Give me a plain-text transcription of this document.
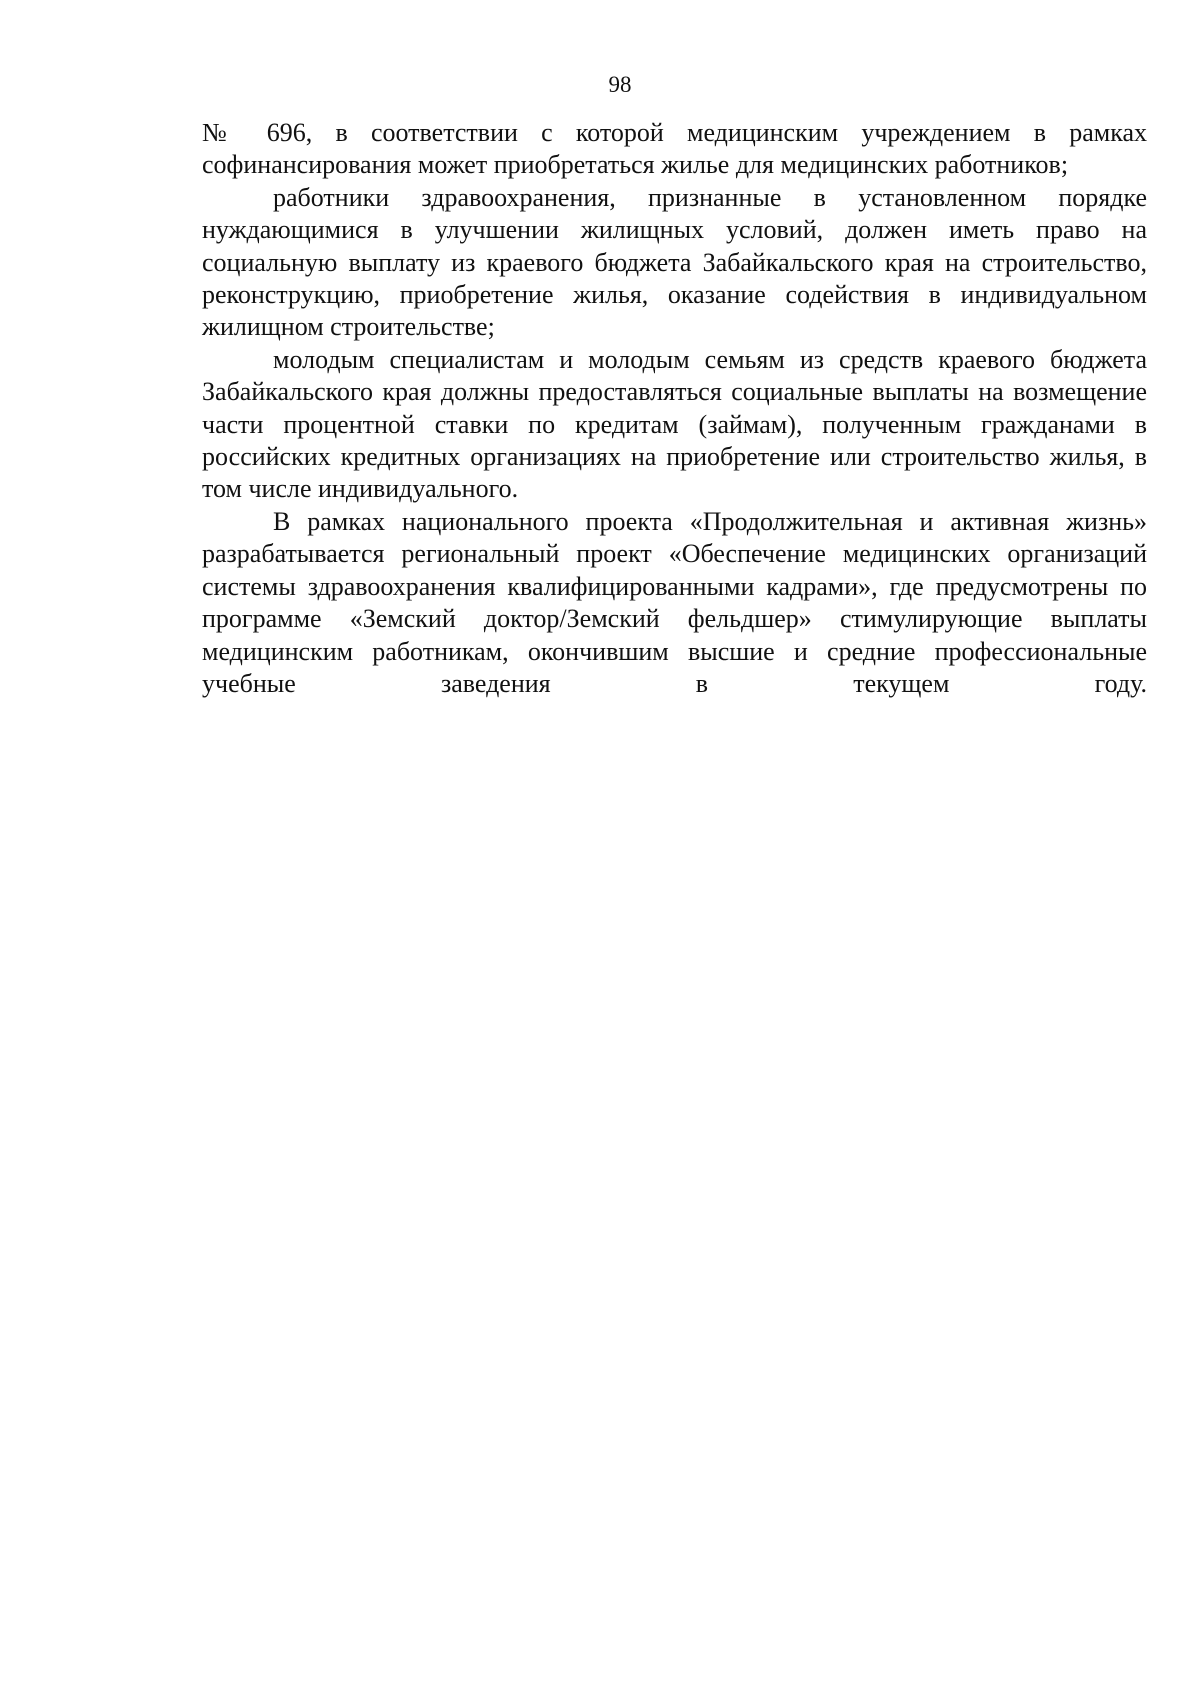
98

№ 696, в соответствии с которой медицинским учреждением в рамках софинансирования может приобретаться жилье для медицинских работников;

работники здравоохранения, признанные в установленном порядке нуждающимися в улучшении жилищных условий, должен иметь право на социальную выплату из краевого бюджета Забайкальского края на строительство, реконструкцию, приобретение жилья, оказание содействия в индивидуальном жилищном строительстве;

молодым специалистам и молодым семьям из средств краевого бюджета Забайкальского края должны предоставляться социальные выплаты на возмещение части процентной ставки по кредитам (займам), полученным гражданами в российских кредитных организациях на приобретение или строительство жилья, в том числе индивидуального.

В рамках национального проекта «Продолжительная и активная жизнь» разрабатывается региональный проект «Обеспечение медицинских организаций системы здравоохранения квалифицированными кадрами», где предусмотрены по программе «Земский доктор/Земский фельдшер» стимулирующие выплаты медицинским работникам, окончившим высшие и средние профессиональные учебные заведения в текущем году.
